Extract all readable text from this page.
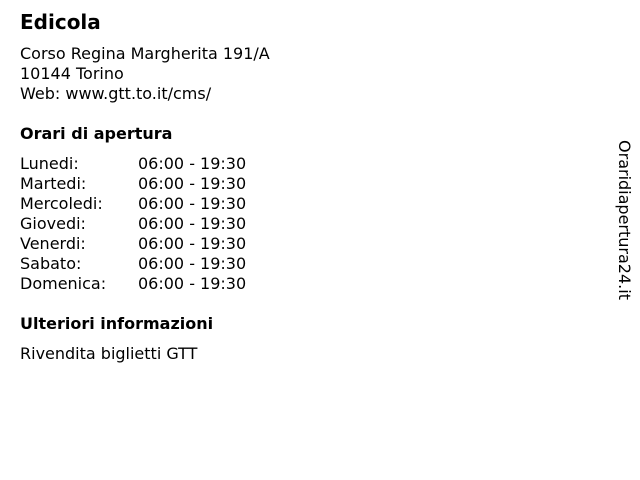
Edicola
Corso Regina Margherita 191/A
10144 Torino
Web: www.gtt.to.it/cms/
Orari di apertura
Lunedi:	06:00 - 19:30
Martedi:	06:00 - 19:30
Mercoledi: 06:00 - 19:30
Giovedi:	06:00 - 19:30
Venerdi:	06:00 - 19:30
Sabato:	06:00 - 19:30
Domenica: 06:00 - 19:30
Ulteriori informazioni
Rivendita biglietti GTT
Oraridiapertura24.it
